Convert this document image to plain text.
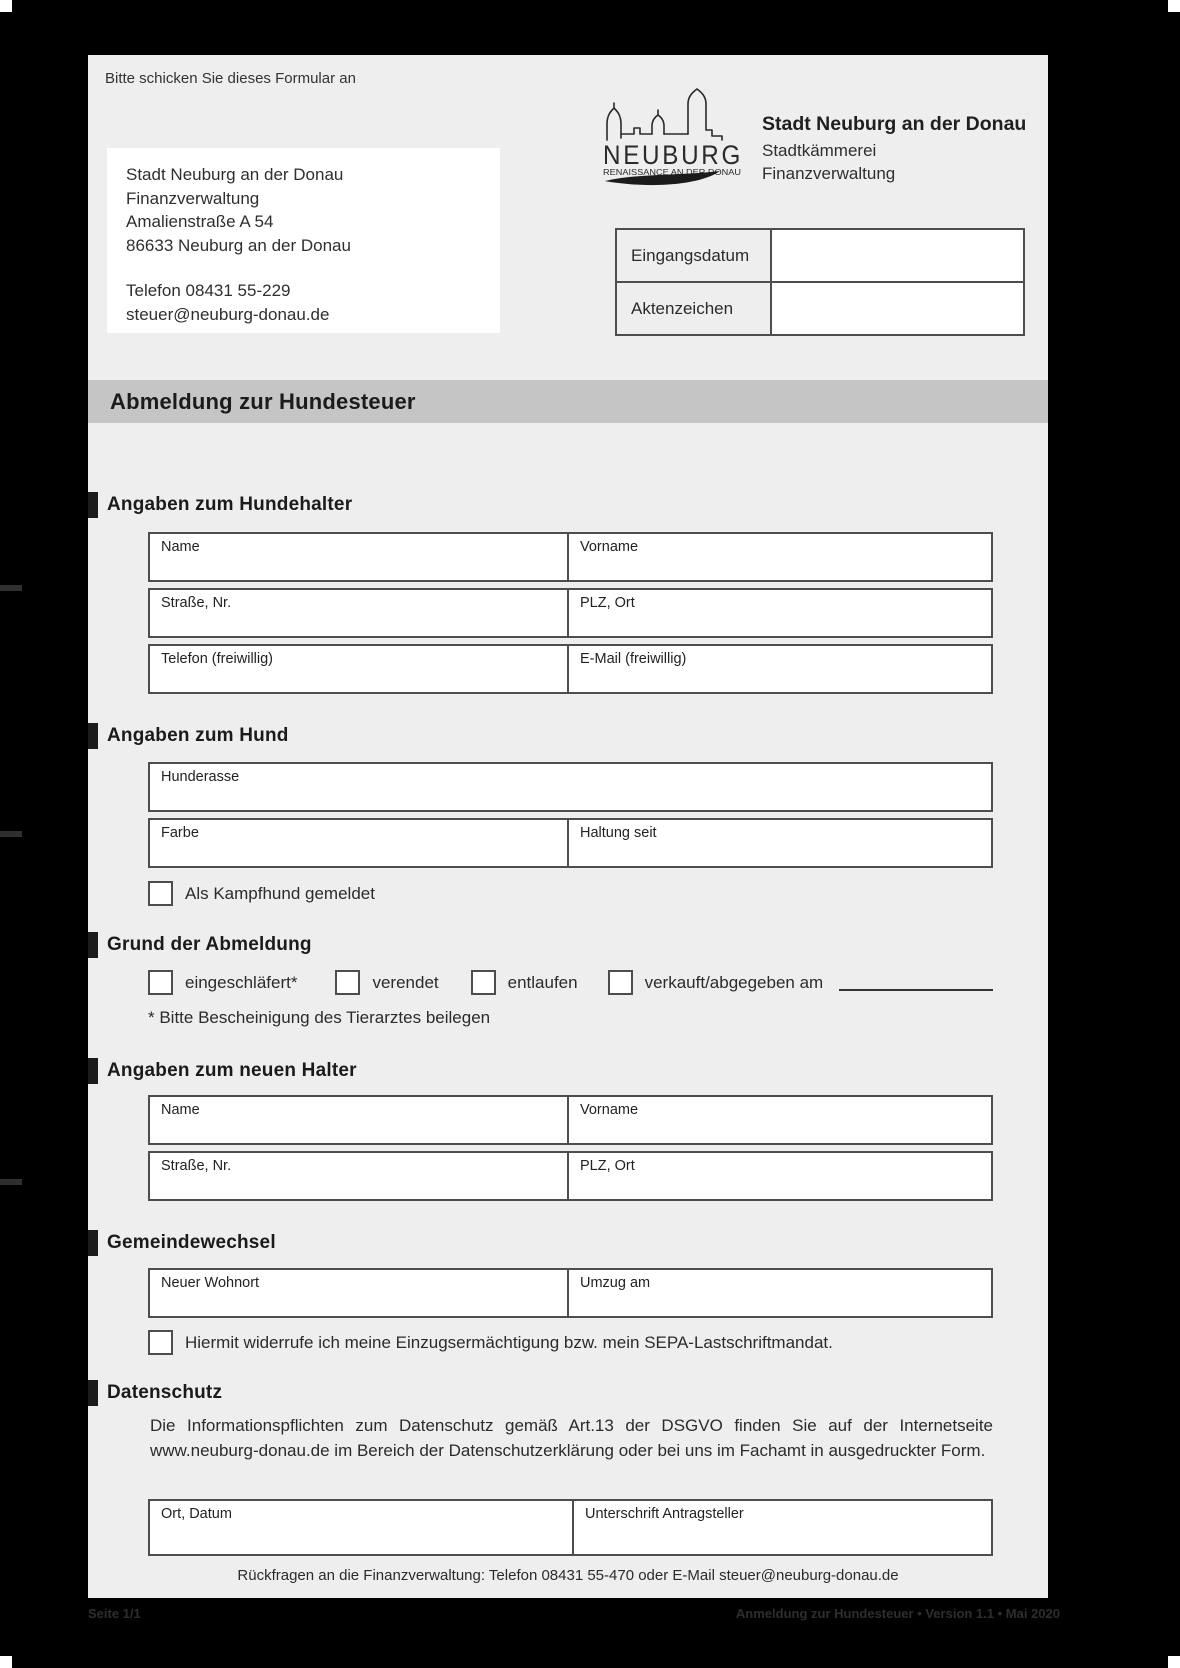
Bitte schicken Sie dieses Formular an
Stadt Neuburg an der Donau
Finanzverwaltung
Amalienstraße A 54
86633 Neuburg an der Donau
Telefon 08431 55-229
steuer@neuburg-donau.de
NEUBURG
RENAISSANCE AN DER DONAU
Stadt Neuburg an der Donau
Stadtkämmerei
Finanzverwaltung
Eingangsdatum	
Aktenzeichen	
Abmeldung zur Hundesteuer
Angaben zum Hundehalter
Name	Vorname
Straße, Nr.	PLZ, Ort
Telefon (freiwillig)	E-Mail (freiwillig)
Angaben zum Hund
Hunderasse
Farbe	Haltung seit
Als Kampfhund gemeldet
Grund der Abmeldung
eingeschläfert*	verendet	entlaufen	verkauft/abgegeben am
* Bitte Bescheinigung des Tierarztes beilegen
Angaben zum neuen Halter
Name	Vorname
Straße, Nr.	PLZ, Ort
Gemeindewechsel
Neuer Wohnort	Umzug am
Hiermit widerrufe ich meine Einzugsermächtigung bzw. mein SEPA-Lastschriftmandat.
Datenschutz
Die Informationspflichten zum Datenschutz gemäß Art.13 der DSGVO finden Sie auf der Internetseite www.neuburg-donau.de im Bereich der Datenschutzerklärung oder bei uns im Fachamt in ausgedruckter Form.
Ort, Datum	Unterschrift Antragsteller
Rückfragen an die Finanzverwaltung: Telefon 08431 55-470 oder E-Mail steuer@neuburg-donau.de
Seite 1/1	Anmeldung zur Hundesteuer • Version 1.1 • Mai 2020
